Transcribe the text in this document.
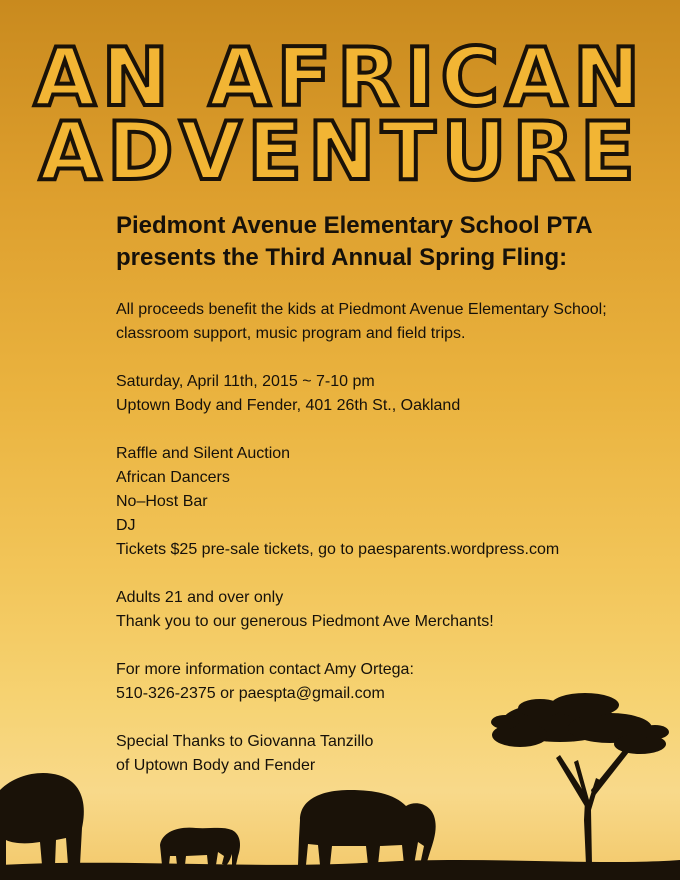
AN AFRICAN
ADVENTURE
Piedmont Avenue Elementary School PTA
presents the Third Annual Spring Fling:
All proceeds benefit the kids at Piedmont Avenue Elementary School;
classroom support, music program and field trips.
Saturday, April 11th, 2015 ~ 7-10 pm
Uptown Body and Fender, 401 26th St., Oakland
Raffle and Silent Auction
African Dancers
No–Host Bar
DJ
Tickets $25 pre-sale tickets, go to paesparents.wordpress.com
Adults 21 and over only
Thank you to our generous Piedmont Ave Merchants!
For more information contact Amy Ortega:
510-326-2375 or paespta@gmail.com
Special Thanks to Giovanna Tanzillo
of Uptown Body and Fender
